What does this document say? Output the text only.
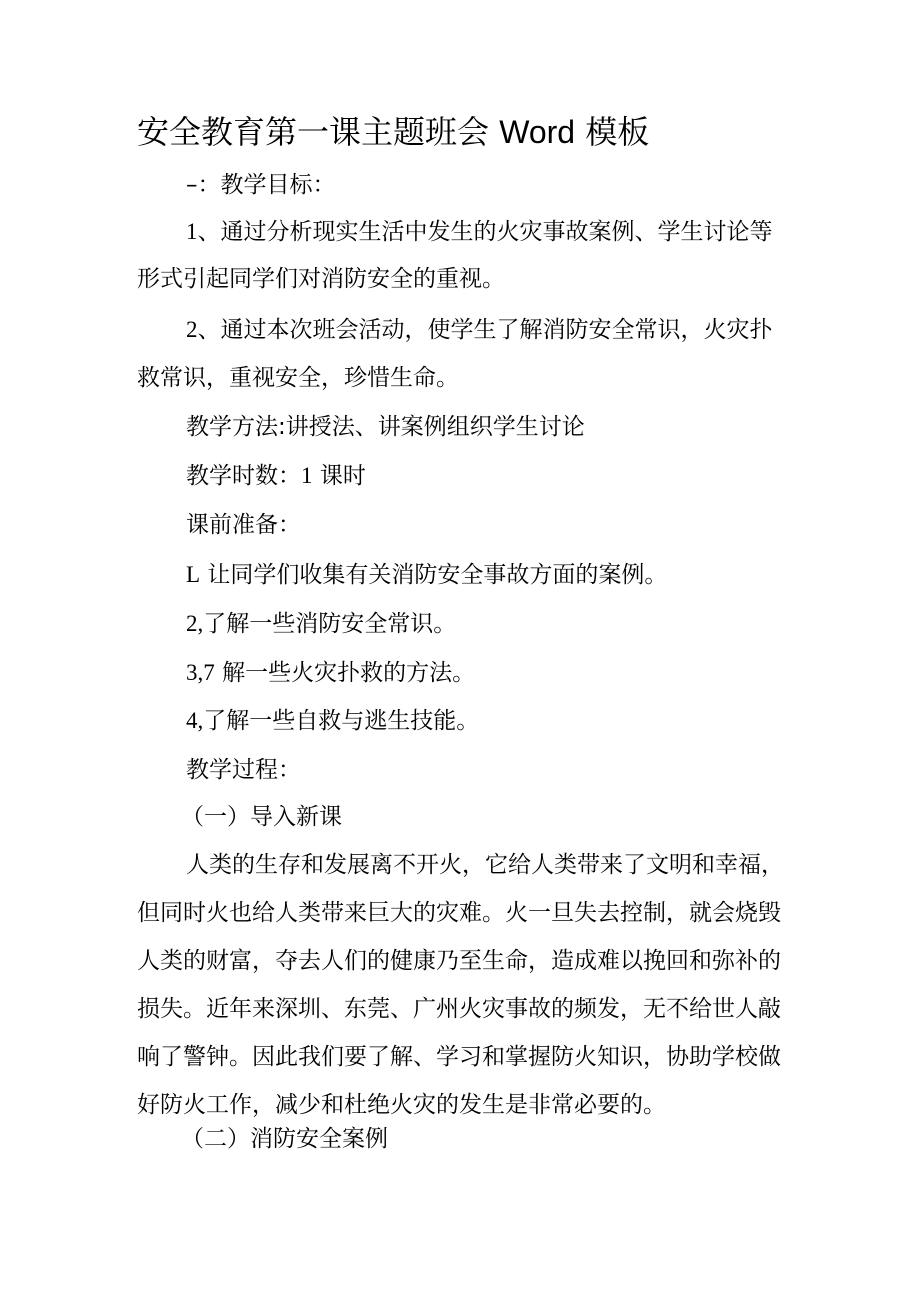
安全教育第一课主题班会 Word 模板

–：教学目标：

1、通过分析现实生活中发生的火灾事故案例、学生讨论等

形式引起同学们对消防安全的重视。

2、通过本次班会活动，使学生了解消防安全常识，火灾扑

救常识，重视安全，珍惜生命。

教学方法:讲授法、讲案例组织学生讨论

教学时数：1 课时

课前准备：

L 让同学们收集有关消防安全事故方面的案例。

2,了解一些消防安全常识。

3,7 解一些火灾扑救的方法。

4,了解一些自救与逃生技能。

教学过程：

（一）导入新课

人类的生存和发展离不开火，它给人类带来了文明和幸福，

但同时火也给人类带来巨大的灾难。火一旦失去控制，就会烧毁

人类的财富，夺去人们的健康乃至生命，造成难以挽回和弥补的

损失。近年来深圳、东莞、广州火灾事故的频发，无不给世人敲

响了警钟。因此我们要了解、学习和掌握防火知识，协助学校做

好防火工作，减少和杜绝火灾的发生是非常必要的。

（二）消防安全案例
